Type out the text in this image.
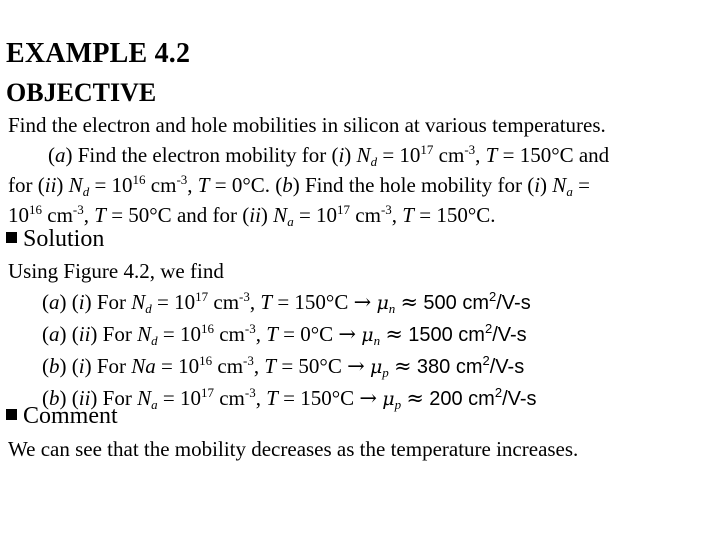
EXAMPLE 4.2
OBJECTIVE
Find the electron and hole mobilities in silicon at various temperatures.
(a) Find the electron mobility for (i) $N_d = 10^{17}$ $cm^{-3}$, T = 150°C and
for (ii) $N_d = 10^{16}$ $cm^{-3}$, T = 0°C. (b) Find the hole mobility for (i) $N_a$ =
$10^{16}$ $cm^{-3}$, T = 50°C and for (ii) $N_a = 10^{17}$ $cm^{-3}$, T = 150°C.
Solution
Using Figure 4.2, we find
(a) (i) For $N_d = 10^{17}$ $cm^{-3}$, $T = 150^\circ C \to \mu_n \approx 500$ $cm^2/V-s$
(a) (ii) For $N_d = 10^{16}$ $cm^{-3}$, $T = 0^\circ C \to \mu_n \approx 1500$ $cm^2/V-s$
(b) (i) For $Na = 10^{16}$ $cm^{-3}$, $T = 50^\circ C \to \mu_p \approx 380$ $cm^2/V-s$
(b) (ii) For $N_a = 10^{17}$ $cm^{-3}$, $T = 150^\circ C \to \mu_p \approx 200$ $cm^2/V-s$
Comment
We can see that the mobility decreases as the temperature increases.
